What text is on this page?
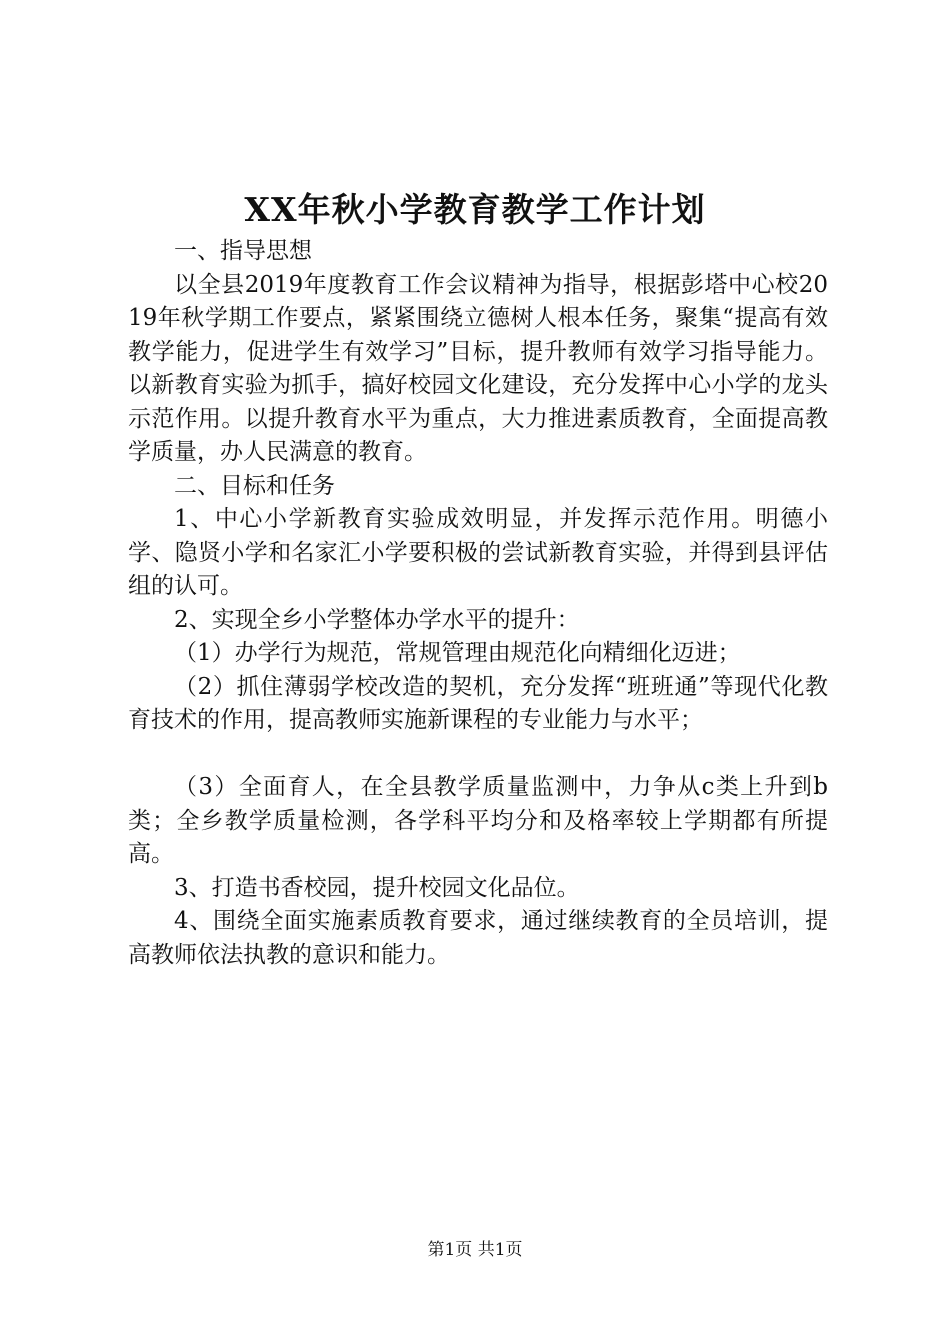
XX年秋小学教育教学工作计划

一、指导思想

以全县2019年度教育工作会议精神为指导，根据彭塔中心校2019年秋学期工作要点，紧紧围绕立德树人根本任务，聚集“提高有效教学能力，促进学生有效学习”目标，提升教师有效学习指导能力。以新教育实验为抓手，搞好校园文化建设，充分发挥中心小学的龙头示范作用。以提升教育水平为重点，大力推进素质教育，全面提高教学质量，办人民满意的教育。

二、目标和任务

1、中心小学新教育实验成效明显，并发挥示范作用。明德小学、隐贤小学和名家汇小学要积极的尝试新教育实验，并得到县评估组的认可。

2、实现全乡小学整体办学水平的提升：

（1）办学行为规范，常规管理由规范化向精细化迈进；

（2）抓住薄弱学校改造的契机，充分发挥“班班通”等现代化教育技术的作用，提高教师实施新课程的专业能力与水平；

（3）全面育人，在全县教学质量监测中，力争从c类上升到b类；全乡教学质量检测，各学科平均分和及格率较上学期都有所提高。

3、打造书香校园，提升校园文化品位。

4、围绕全面实施素质教育要求，通过继续教育的全员培训，提高教师依法执教的意识和能力。

第1页 共1页
